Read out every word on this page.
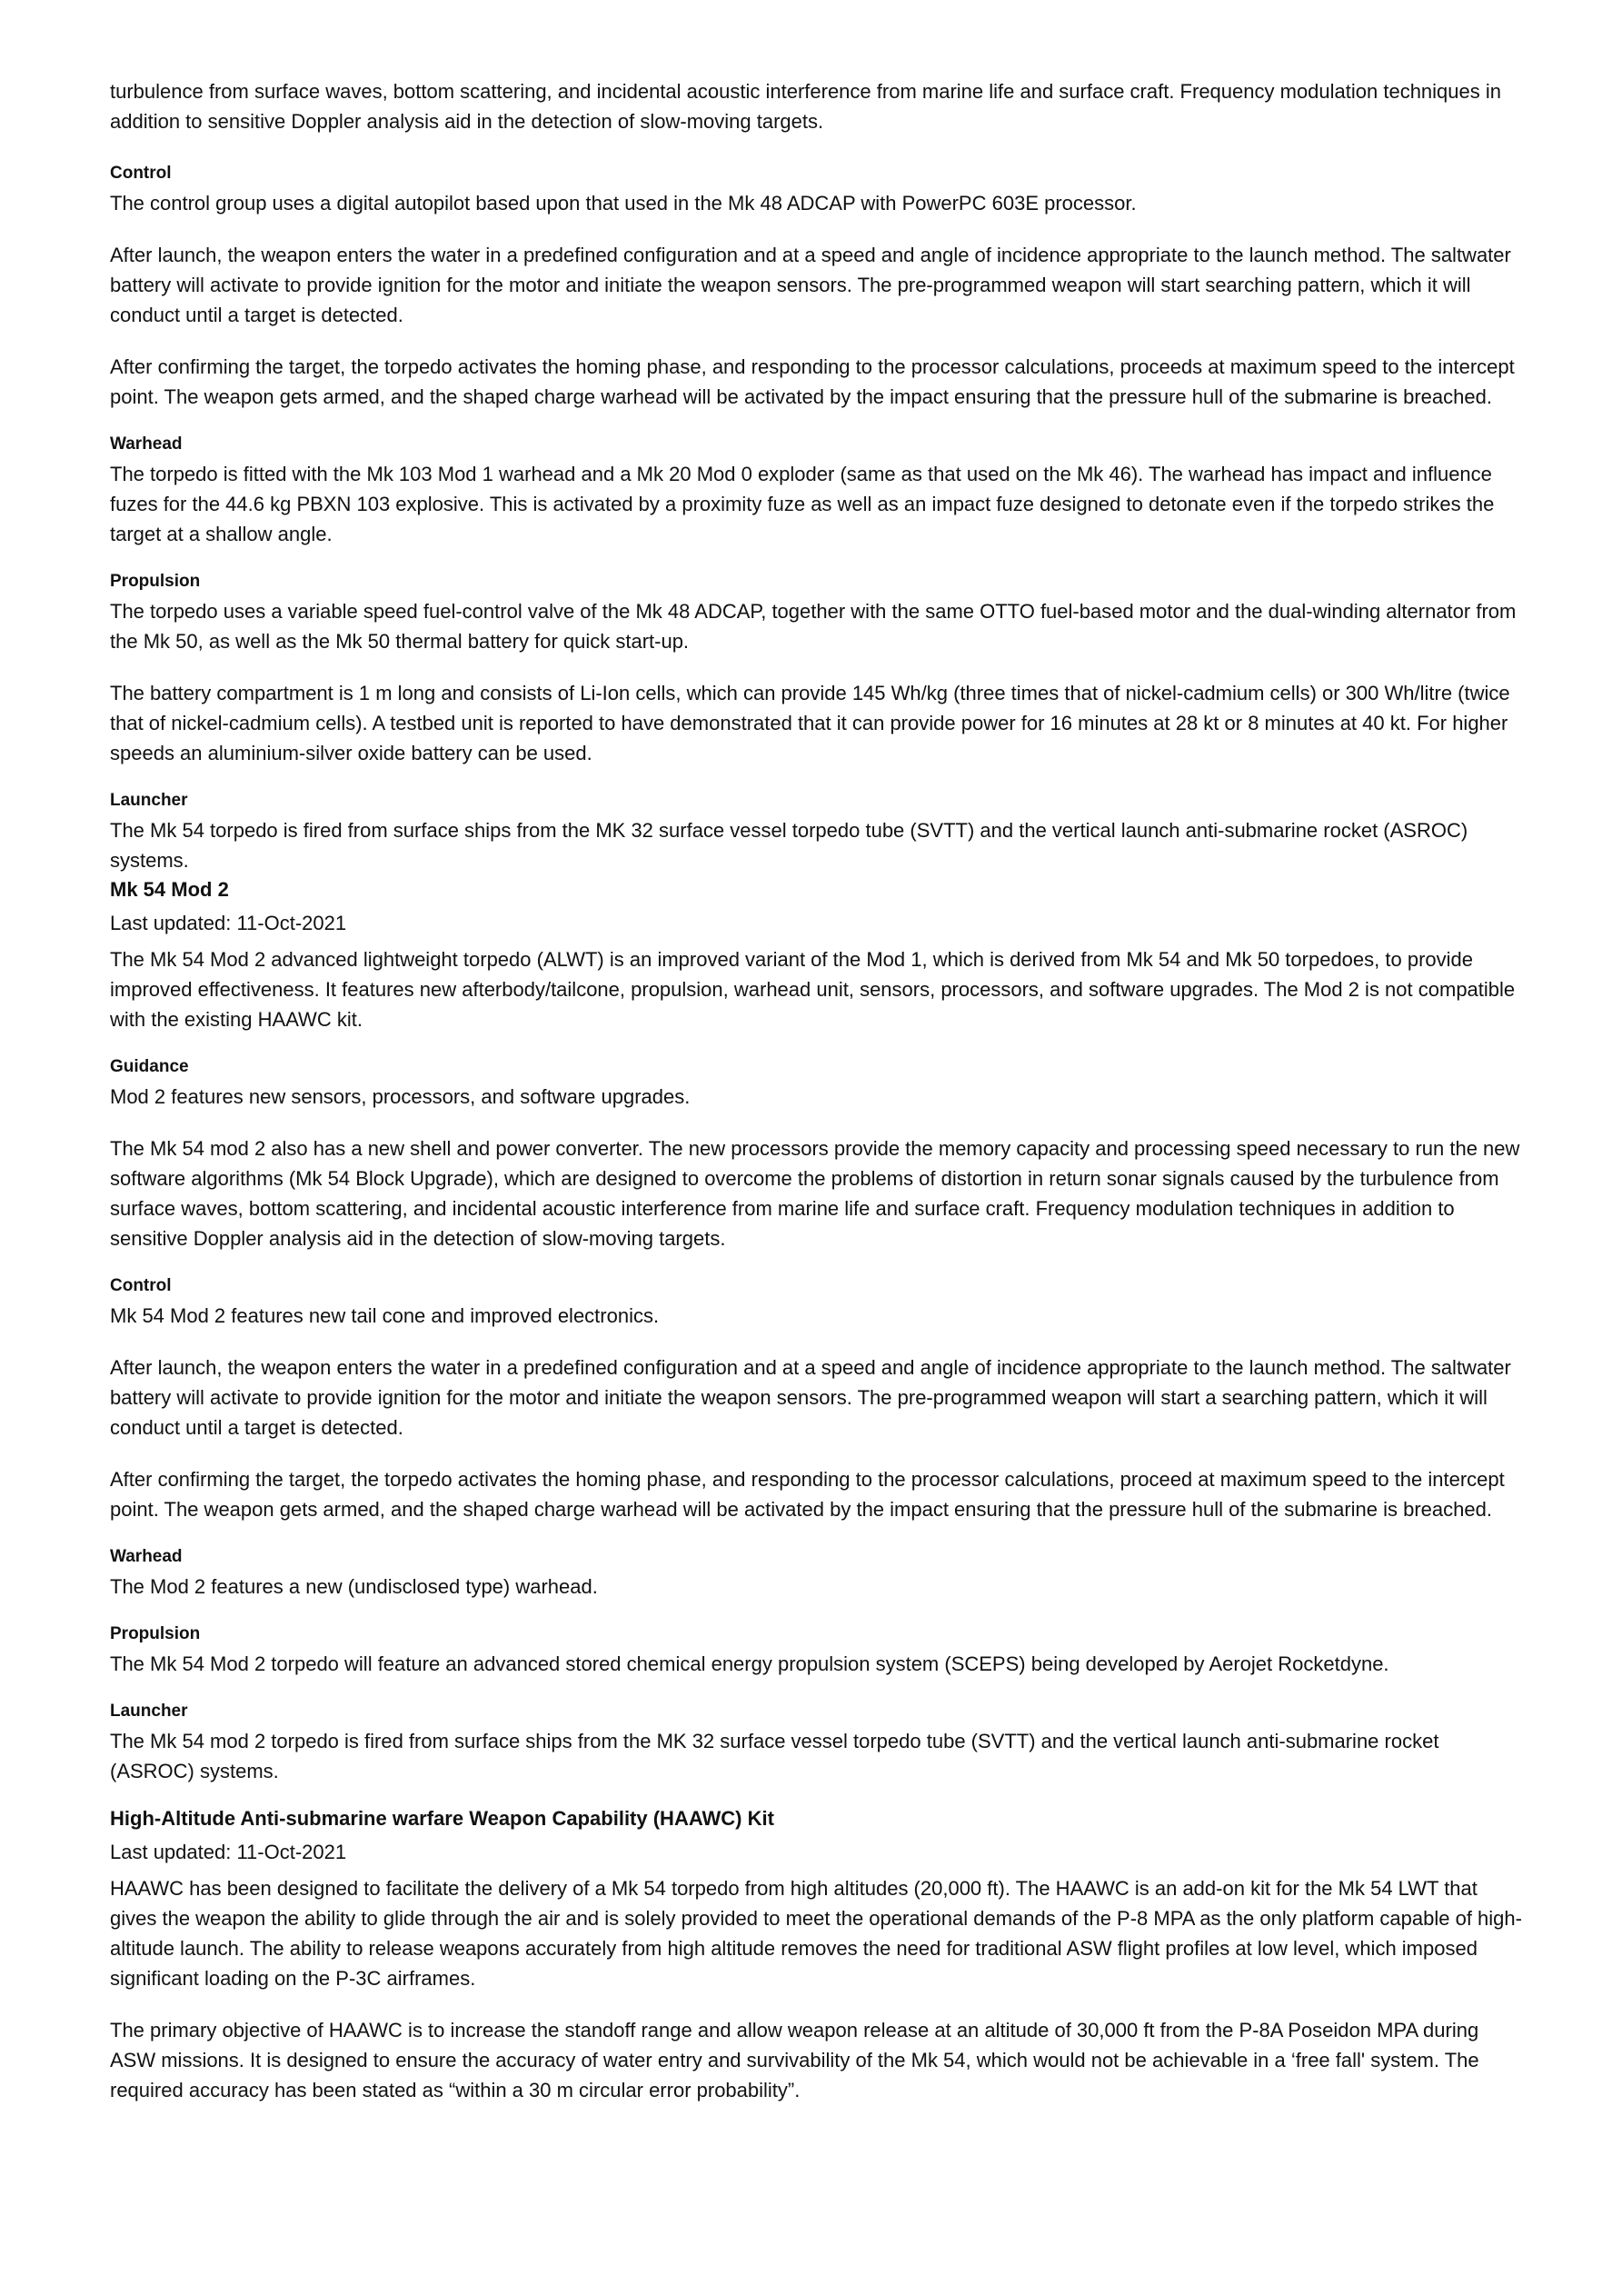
turbulence from surface waves, bottom scattering, and incidental acoustic interference from marine life and surface craft. Frequency modulation techniques in addition to sensitive Doppler analysis aid in the detection of slow-moving targets.

Control

The control group uses a digital autopilot based upon that used in the Mk 48 ADCAP with PowerPC 603E processor.

After launch, the weapon enters the water in a predefined configuration and at a speed and angle of incidence appropriate to the launch method. The saltwater battery will activate to provide ignition for the motor and initiate the weapon sensors. The pre-programmed weapon will start searching pattern, which it will conduct until a target is detected.

After confirming the target, the torpedo activates the homing phase, and responding to the processor calculations, proceeds at maximum speed to the intercept point. The weapon gets armed, and the shaped charge warhead will be activated by the impact ensuring that the pressure hull of the submarine is breached.

Warhead

The torpedo is fitted with the Mk 103 Mod 1 warhead and a Mk 20 Mod 0 exploder (same as that used on the Mk 46). The warhead has impact and influence fuzes for the 44.6 kg PBXN 103 explosive. This is activated by a proximity fuze as well as an impact fuze designed to detonate even if the torpedo strikes the target at a shallow angle.

Propulsion

The torpedo uses a variable speed fuel-control valve of the Mk 48 ADCAP, together with the same OTTO fuel-based motor and the dual-winding alternator from the Mk 50, as well as the Mk 50 thermal battery for quick start-up.

The battery compartment is 1 m long and consists of Li-Ion cells, which can provide 145 Wh/kg (three times that of nickel-cadmium cells) or 300 Wh/litre (twice that of nickel-cadmium cells). A testbed unit is reported to have demonstrated that it can provide power for 16 minutes at 28 kt or 8 minutes at 40 kt. For higher speeds an aluminium-silver oxide battery can be used.

Launcher

The Mk 54 torpedo is fired from surface ships from the MK 32 surface vessel torpedo tube (SVTT) and the vertical launch anti-submarine rocket (ASROC) systems.

Mk 54 Mod 2

Last updated: 11-Oct-2021

The Mk 54 Mod 2 advanced lightweight torpedo (ALWT) is an improved variant of the Mod 1, which is derived from Mk 54 and Mk 50 torpedoes, to provide improved effectiveness. It features new afterbody/tailcone, propulsion, warhead unit, sensors, processors, and software upgrades. The Mod 2 is not compatible with the existing HAAWC kit.

Guidance

Mod 2 features new sensors, processors, and software upgrades.

The Mk 54 mod 2 also has a new shell and power converter. The new processors provide the memory capacity and processing speed necessary to run the new software algorithms (Mk 54 Block Upgrade), which are designed to overcome the problems of distortion in return sonar signals caused by the turbulence from surface waves, bottom scattering, and incidental acoustic interference from marine life and surface craft. Frequency modulation techniques in addition to sensitive Doppler analysis aid in the detection of slow-moving targets.

Control

Mk 54 Mod 2 features new tail cone and improved electronics.

After launch, the weapon enters the water in a predefined configuration and at a speed and angle of incidence appropriate to the launch method. The saltwater battery will activate to provide ignition for the motor and initiate the weapon sensors. The pre-programmed weapon will start a searching pattern, which it will conduct until a target is detected.

After confirming the target, the torpedo activates the homing phase, and responding to the processor calculations, proceed at maximum speed to the intercept point. The weapon gets armed, and the shaped charge warhead will be activated by the impact ensuring that the pressure hull of the submarine is breached.

Warhead

The Mod 2 features a new (undisclosed type) warhead.

Propulsion

The Mk 54 Mod 2 torpedo will feature an advanced stored chemical energy propulsion system (SCEPS) being developed by Aerojet Rocketdyne.

Launcher

The Mk 54 mod 2 torpedo is fired from surface ships from the MK 32 surface vessel torpedo tube (SVTT) and the vertical launch anti-submarine rocket (ASROC) systems.

High-Altitude Anti-submarine warfare Weapon Capability (HAAWC) Kit

Last updated: 11-Oct-2021

HAAWC has been designed to facilitate the delivery of a Mk 54 torpedo from high altitudes (20,000 ft). The HAAWC is an add-on kit for the Mk 54 LWT that gives the weapon the ability to glide through the air and is solely provided to meet the operational demands of the P-8 MPA as the only platform capable of high-altitude launch. The ability to release weapons accurately from high altitude removes the need for traditional ASW flight profiles at low level, which imposed significant loading on the P-3C airframes.

The primary objective of HAAWC is to increase the standoff range and allow weapon release at an altitude of 30,000 ft from the P-8A Poseidon MPA during ASW missions. It is designed to ensure the accuracy of water entry and survivability of the Mk 54, which would not be achievable in a ‘free fall' system. The required accuracy has been stated as “within a 30 m circular error probability”.
